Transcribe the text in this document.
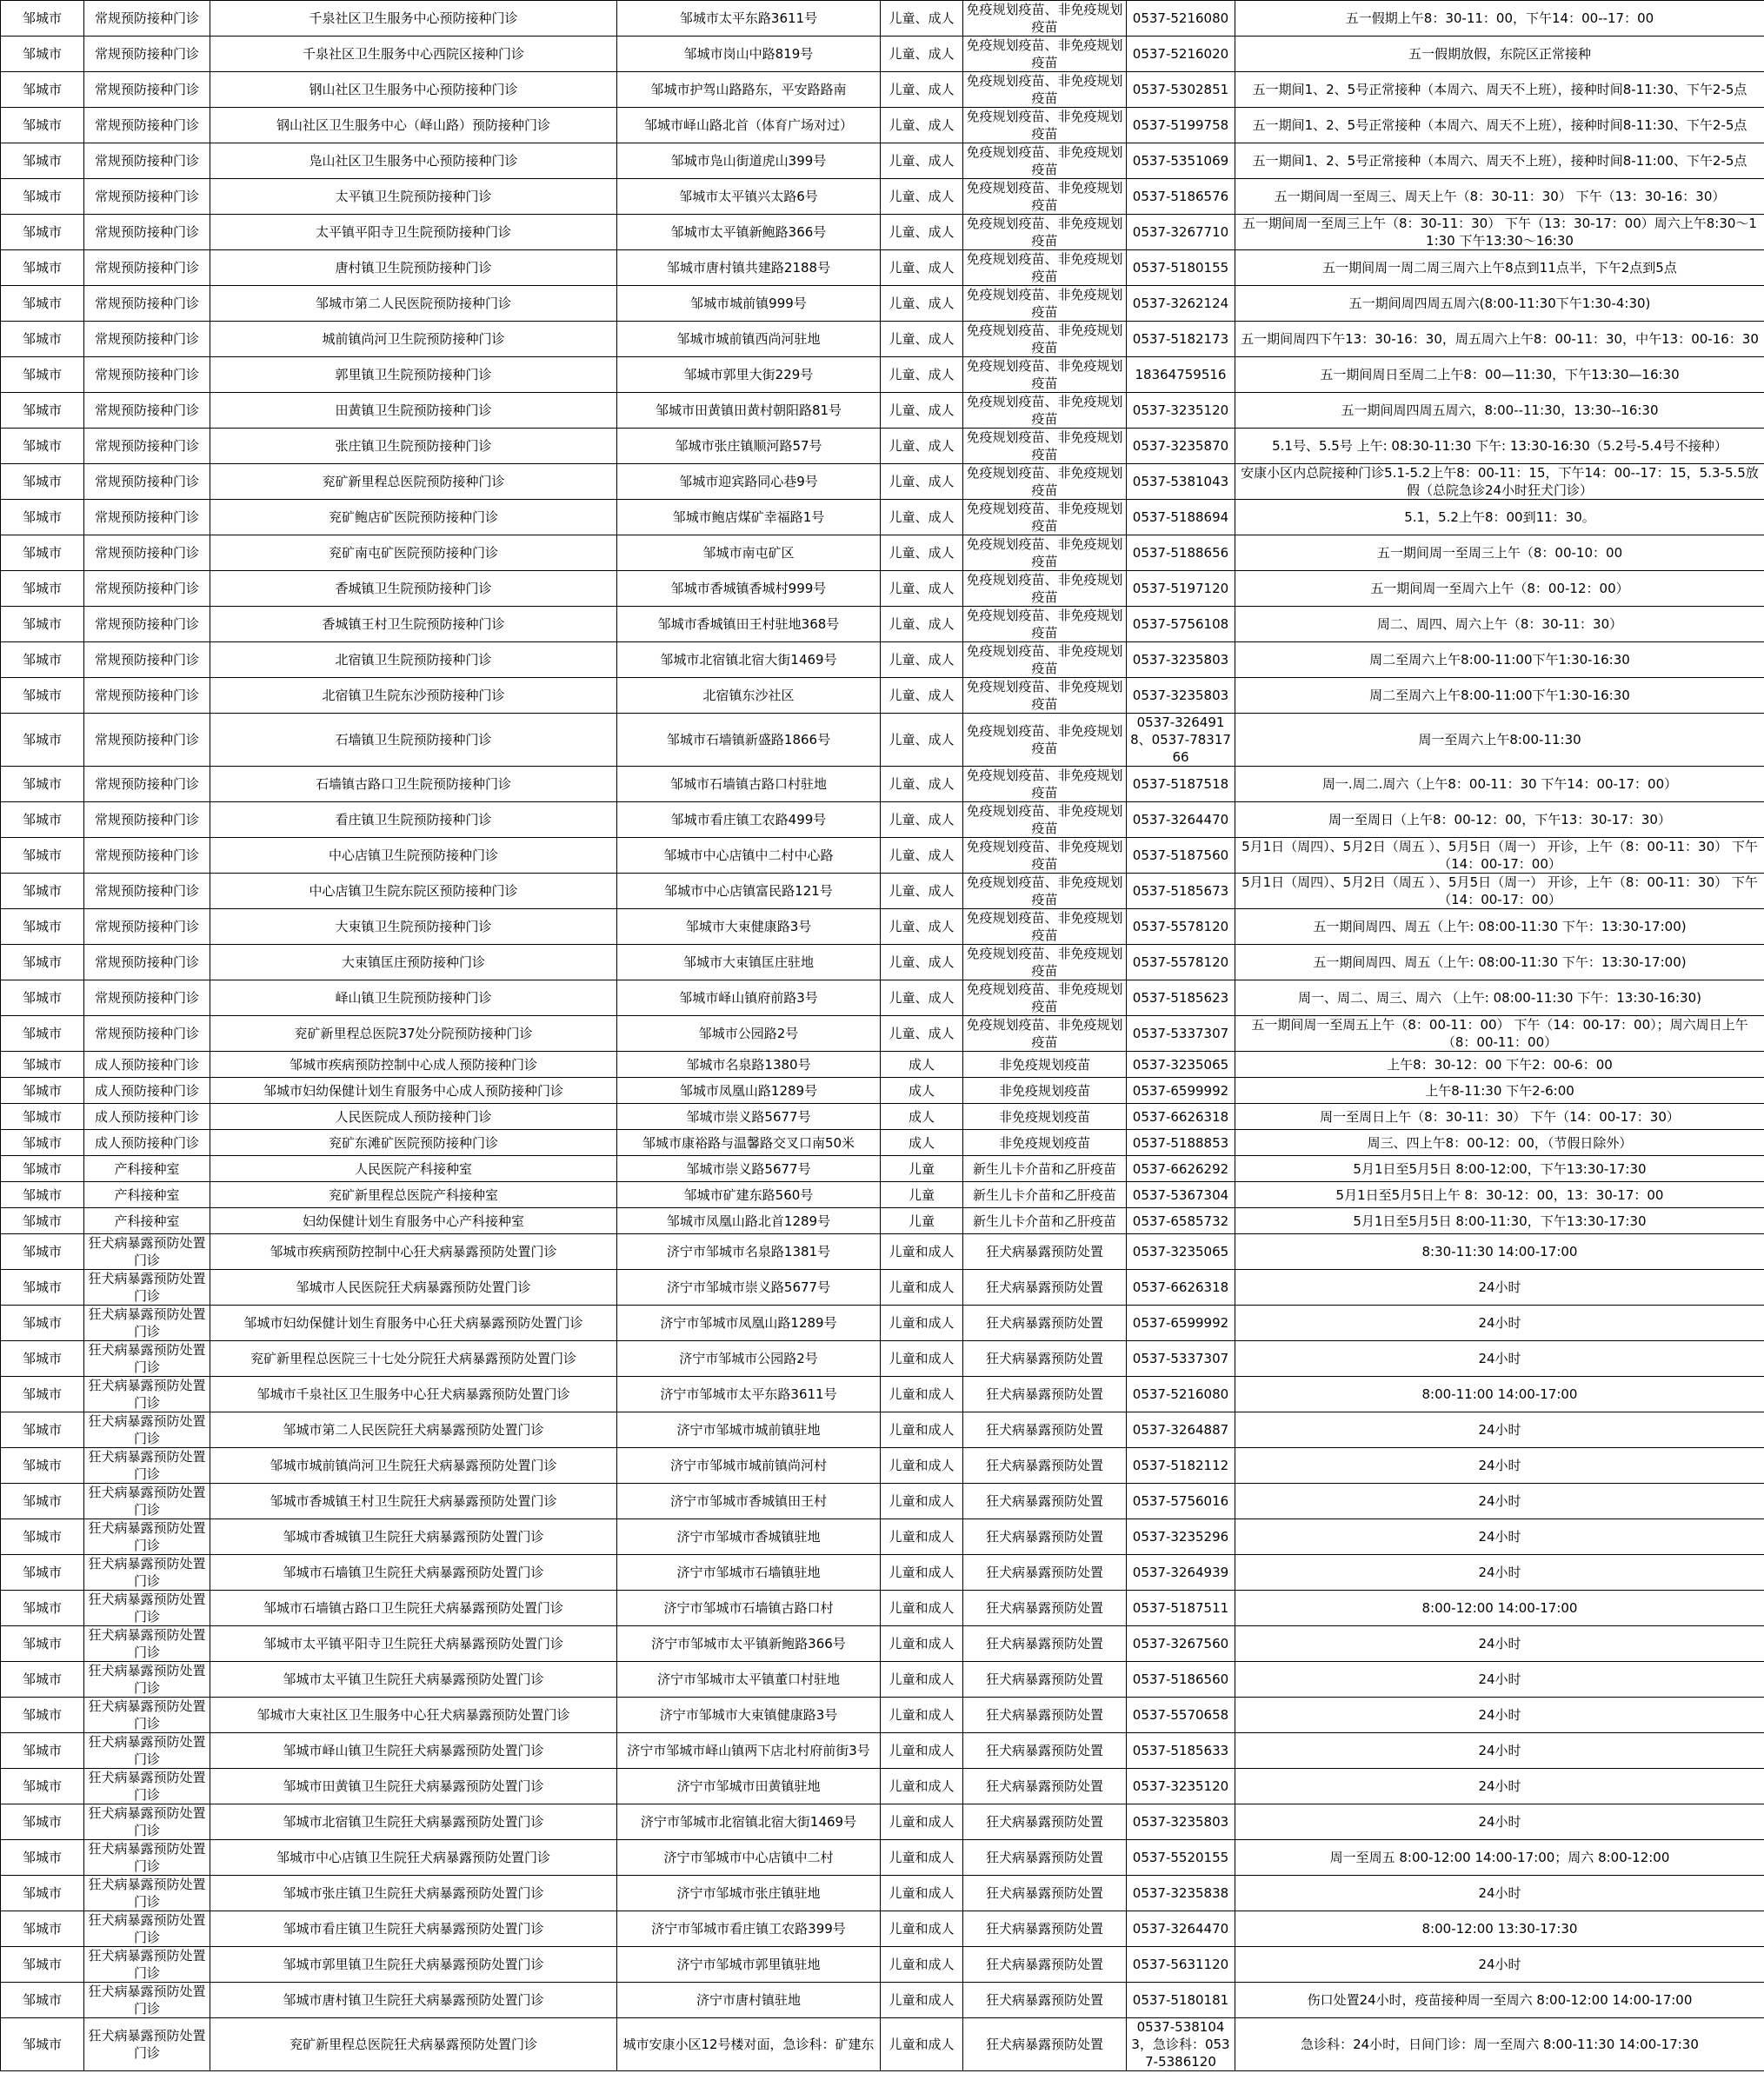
邹城市	常规预防接种门诊	千泉社区卫生服务中心预防接种门诊	邹城市太平东路3611号	儿童、成人	免疫规划疫苗、非免疫规划疫苗	0537-5216080	五一假期上午8：30-11：00，下午14：00--17：00
邹城市	常规预防接种门诊	千泉社区卫生服务中心西院区接种门诊	邹城市岗山中路819号	儿童、成人	免疫规划疫苗、非免疫规划疫苗	0537-5216020	五一假期放假，东院区正常接种
邹城市	常规预防接种门诊	钢山社区卫生服务中心预防接种门诊	邹城市护驾山路路东，平安路路南	儿童、成人	免疫规划疫苗、非免疫规划疫苗	0537-5302851	五一期间1、2、5号正常接种（本周六、周天不上班），接种时间8-11:30、下午2-5点
邹城市	常规预防接种门诊	钢山社区卫生服务中心（峄山路）预防接种门诊	邹城市峄山路北首（体育广场对过）	儿童、成人	免疫规划疫苗、非免疫规划疫苗	0537-5199758	五一期间1、2、5号正常接种（本周六、周天不上班），接种时间8-11:30、下午2-5点
邹城市	常规预防接种门诊	凫山社区卫生服务中心预防接种门诊	邹城市凫山街道虎山399号	儿童、成人	免疫规划疫苗、非免疫规划疫苗	0537-5351069	五一期间1、2、5号正常接种（本周六、周天不上班），接种时间8-11:00、下午2-5点
邹城市	常规预防接种门诊	太平镇卫生院预防接种门诊	邹城市太平镇兴太路6号	儿童、成人	免疫规划疫苗、非免疫规划疫苗	0537-5186576	五一期间周一至周三、周天上午（8：30-11：30） 下午（13：30-16：30）
邹城市	常规预防接种门诊	太平镇平阳寺卫生院预防接种门诊	邹城市太平镇新鲍路366号	儿童、成人	免疫规划疫苗、非免疫规划疫苗	0537-3267710	五一期间周一至周三上午（8：30-11：30） 下午（13：30-17：00）周六上午8:30～11:30 下午13:30～16:30
邹城市	常规预防接种门诊	唐村镇卫生院预防接种门诊	邹城市唐村镇共建路2188号	儿童、成人	免疫规划疫苗、非免疫规划疫苗	0537-5180155	五一期间周一周二周三周六上午8点到11点半，下午2点到5点
邹城市	常规预防接种门诊	邹城市第二人民医院预防接种门诊	邹城市城前镇999号	儿童、成人	免疫规划疫苗、非免疫规划疫苗	0537-3262124	五一期间周四周五周六(8:00-11:30下午1:30-4:30)
邹城市	常规预防接种门诊	城前镇尚河卫生院预防接种门诊	邹城市城前镇西尚河驻地	儿童、成人	免疫规划疫苗、非免疫规划疫苗	0537-5182173	五一期间周四下午13：30-16：30，周五周六上午8：00-11：30，中午13：00-16：30
邹城市	常规预防接种门诊	郭里镇卫生院预防接种门诊	邹城市郭里大街229号	儿童、成人	免疫规划疫苗、非免疫规划疫苗	18364759516	五一期间周日至周二上午8：00—11:30，下午13:30—16:30
邹城市	常规预防接种门诊	田黄镇卫生院预防接种门诊	邹城市田黄镇田黄村朝阳路81号	儿童、成人	免疫规划疫苗、非免疫规划疫苗	0537-3235120	五一期间周四周五周六，8:00--11:30，13:30--16:30
邹城市	常规预防接种门诊	张庄镇卫生院预防接种门诊	邹城市张庄镇顺河路57号	儿童、成人	免疫规划疫苗、非免疫规划疫苗	0537-3235870	5.1号、5.5号 上午: 08:30-11:30 下午: 13:30-16:30（5.2号-5.4号不接种）
邹城市	常规预防接种门诊	兖矿新里程总医院预防接种门诊	邹城市迎宾路同心巷9号	儿童、成人	免疫规划疫苗、非免疫规划疫苗	0537-5381043	安康小区内总院接种门诊5.1-5.2上午8：00-11：15，下午14：00--17：15，5.3-5.5放假（总院急诊24小时狂犬门诊）
邹城市	常规预防接种门诊	兖矿鲍店矿医院预防接种门诊	邹城市鲍店煤矿幸福路1号	儿童、成人	免疫规划疫苗、非免疫规划疫苗	0537-5188694	5.1，5.2上午8：00到11：30。
邹城市	常规预防接种门诊	兖矿南屯矿医院预防接种门诊	邹城市南屯矿区	儿童、成人	免疫规划疫苗、非免疫规划疫苗	0537-5188656	五一期间周一至周三上午（8：00-10：00
邹城市	常规预防接种门诊	香城镇卫生院预防接种门诊	邹城市香城镇香城村999号	儿童、成人	免疫规划疫苗、非免疫规划疫苗	0537-5197120	五一期间周一至周六上午（8：00-12：00）
邹城市	常规预防接种门诊	香城镇王村卫生院预防接种门诊	邹城市香城镇田王村驻地368号	儿童、成人	免疫规划疫苗、非免疫规划疫苗	0537-5756108	周二、周四、周六上午（8：30-11：30）
邹城市	常规预防接种门诊	北宿镇卫生院预防接种门诊	邹城市北宿镇北宿大街1469号	儿童、成人	免疫规划疫苗、非免疫规划疫苗	0537-3235803	周二至周六上午8:00-11:00下午1:30-16:30
邹城市	常规预防接种门诊	北宿镇卫生院东沙预防接种门诊	北宿镇东沙社区	儿童、成人	免疫规划疫苗、非免疫规划疫苗	0537-3235803	周二至周六上午8:00-11:00下午1:30-16:30
邹城市	常规预防接种门诊	石墙镇卫生院预防接种门诊	邹城市石墙镇新盛路1866号	儿童、成人	免疫规划疫苗、非免疫规划疫苗	0537-3264918、0537-7831766	周一至周六上午8:00-11:30
邹城市	常规预防接种门诊	石墙镇古路口卫生院预防接种门诊	邹城市石墙镇古路口村驻地	儿童、成人	免疫规划疫苗、非免疫规划疫苗	0537-5187518	周一.周二.周六（上午8：00-11：30 下午14：00-17：00）
邹城市	常规预防接种门诊	看庄镇卫生院预防接种门诊	邹城市看庄镇工农路499号	儿童、成人	免疫规划疫苗、非免疫规划疫苗	0537-3264470	周一至周日（上午8：00-12：00，下午13：30-17：30）
邹城市	常规预防接种门诊	中心店镇卫生院预防接种门诊	邹城市中心店镇中二村中心路	儿童、成人	免疫规划疫苗、非免疫规划疫苗	0537-5187560	5月1日（周四）、5月2日（周五 ）、5月5日（周一） 开诊，上午（8：00-11：30） 下午（14：00-17：00）
邹城市	常规预防接种门诊	中心店镇卫生院东院区预防接种门诊	邹城市中心店镇富民路121号	儿童、成人	免疫规划疫苗、非免疫规划疫苗	0537-5185673	5月1日（周四）、5月2日（周五 ）、5月5日（周一） 开诊，上午（8：00-11：30） 下午（14：00-17：00）
邹城市	常规预防接种门诊	大束镇卫生院预防接种门诊	邹城市大束健康路3号	儿童、成人	免疫规划疫苗、非免疫规划疫苗	0537-5578120	五一期间周四、周五（上午: 08:00-11:30 下午：13:30-17:00)
邹城市	常规预防接种门诊	大束镇匡庄预防接种门诊	邹城市大束镇匡庄驻地	儿童、成人	免疫规划疫苗、非免疫规划疫苗	0537-5578120	五一期间周四、周五（上午: 08:00-11:30 下午：13:30-17:00)
邹城市	常规预防接种门诊	峄山镇卫生院预防接种门诊	邹城市峄山镇府前路3号	儿童、成人	免疫规划疫苗、非免疫规划疫苗	0537-5185623	周一、周二、周三、周六 （上午: 08:00-11:30 下午：13:30-16:30)
邹城市	常规预防接种门诊	兖矿新里程总医院37处分院预防接种门诊	邹城市公园路2号	儿童、成人	免疫规划疫苗、非免疫规划疫苗	0537-5337307	五一期间周一至周五上午（8：00-11：00） 下午（14：00-17：00）；周六周日上午（8：00-11：00）
邹城市	成人预防接种门诊	邹城市疾病预防控制中心成人预防接种门诊	邹城市名泉路1380号	成人	非免疫规划疫苗	0537-3235065	上午8：30-12：00 下午2：00-6：00
邹城市	成人预防接种门诊	邹城市妇幼保健计划生育服务中心成人预防接种门诊	邹城市凤凰山路1289号	成人	非免疫规划疫苗	0537-6599992	上午8-11:30 下午2-6:00
邹城市	成人预防接种门诊	人民医院成人预防接种门诊	邹城市崇义路5677号	成人	非免疫规划疫苗	0537-6626318	周一至周日上午（8：30-11：30） 下午（14：00-17：30）
邹城市	成人预防接种门诊	兖矿东滩矿医院预防接种门诊	邹城市康裕路与温馨路交叉口南50米	成人	非免疫规划疫苗	0537-5188853	周三、四上午8：00-12：00，（节假日除外）
邹城市	产科接种室	人民医院产科接种室	邹城市崇义路5677号	儿童	新生儿卡介苗和乙肝疫苗	0537-6626292	5月1日至5月5日 8:00-12:00，下午13:30-17:30
邹城市	产科接种室	兖矿新里程总医院产科接种室	邹城市矿建东路560号	儿童	新生儿卡介苗和乙肝疫苗	0537-5367304	5月1日至5月5日上午 8：30-12：00，13：30-17：00
邹城市	产科接种室	妇幼保健计划生育服务中心产科接种室	邹城市凤凰山路北首1289号	儿童	新生儿卡介苗和乙肝疫苗	0537-6585732	5月1日至5月5日 8:00-11:30，下午13:30-17:30
邹城市	狂犬病暴露预防处置门诊	邹城市疾病预防控制中心狂犬病暴露预防处置门诊	济宁市邹城市名泉路1381号	儿童和成人	狂犬病暴露预防处置	0537-3235065	8:30-11:30 14:00-17:00
邹城市	狂犬病暴露预防处置门诊	邹城市人民医院狂犬病暴露预防处置门诊	济宁市邹城市崇义路5677号	儿童和成人	狂犬病暴露预防处置	0537-6626318	24小时
邹城市	狂犬病暴露预防处置门诊	邹城市妇幼保健计划生育服务中心狂犬病暴露预防处置门诊	济宁市邹城市凤凰山路1289号	儿童和成人	狂犬病暴露预防处置	0537-6599992	24小时
邹城市	狂犬病暴露预防处置门诊	兖矿新里程总医院三十七处分院狂犬病暴露预防处置门诊	济宁市邹城市公园路2号	儿童和成人	狂犬病暴露预防处置	0537-5337307	24小时
邹城市	狂犬病暴露预防处置门诊	邹城市千泉社区卫生服务中心狂犬病暴露预防处置门诊	济宁市邹城市太平东路3611号	儿童和成人	狂犬病暴露预防处置	0537-5216080	8:00-11:00 14:00-17:00
邹城市	狂犬病暴露预防处置门诊	邹城市第二人民医院狂犬病暴露预防处置门诊	济宁市邹城市城前镇驻地	儿童和成人	狂犬病暴露预防处置	0537-3264887	24小时
邹城市	狂犬病暴露预防处置门诊	邹城市城前镇尚河卫生院狂犬病暴露预防处置门诊	济宁市邹城市城前镇尚河村	儿童和成人	狂犬病暴露预防处置	0537-5182112	24小时
邹城市	狂犬病暴露预防处置门诊	邹城市香城镇王村卫生院狂犬病暴露预防处置门诊	济宁市邹城市香城镇田王村	儿童和成人	狂犬病暴露预防处置	0537-5756016	24小时
邹城市	狂犬病暴露预防处置门诊	邹城市香城镇卫生院狂犬病暴露预防处置门诊	济宁市邹城市香城镇驻地	儿童和成人	狂犬病暴露预防处置	0537-3235296	24小时
邹城市	狂犬病暴露预防处置门诊	邹城市石墙镇卫生院狂犬病暴露预防处置门诊	济宁市邹城市石墙镇驻地	儿童和成人	狂犬病暴露预防处置	0537-3264939	24小时
邹城市	狂犬病暴露预防处置门诊	邹城市石墙镇古路口卫生院狂犬病暴露预防处置门诊	济宁市邹城市石墙镇古路口村	儿童和成人	狂犬病暴露预防处置	0537-5187511	8:00-12:00 14:00-17:00
邹城市	狂犬病暴露预防处置门诊	邹城市太平镇平阳寺卫生院狂犬病暴露预防处置门诊	济宁市邹城市太平镇新鲍路366号	儿童和成人	狂犬病暴露预防处置	0537-3267560	24小时
邹城市	狂犬病暴露预防处置门诊	邹城市太平镇卫生院狂犬病暴露预防处置门诊	济宁市邹城市太平镇董口村驻地	儿童和成人	狂犬病暴露预防处置	0537-5186560	24小时
邹城市	狂犬病暴露预防处置门诊	邹城市大束社区卫生服务中心狂犬病暴露预防处置门诊	济宁市邹城市大束镇健康路3号	儿童和成人	狂犬病暴露预防处置	0537-5570658	24小时
邹城市	狂犬病暴露预防处置门诊	邹城市峄山镇卫生院狂犬病暴露预防处置门诊	济宁市邹城市峄山镇两下店北村府前街3号	儿童和成人	狂犬病暴露预防处置	0537-5185633	24小时
邹城市	狂犬病暴露预防处置门诊	邹城市田黄镇卫生院狂犬病暴露预防处置门诊	济宁市邹城市田黄镇驻地	儿童和成人	狂犬病暴露预防处置	0537-3235120	24小时
邹城市	狂犬病暴露预防处置门诊	邹城市北宿镇卫生院狂犬病暴露预防处置门诊	济宁市邹城市北宿镇北宿大街1469号	儿童和成人	狂犬病暴露预防处置	0537-3235803	24小时
邹城市	狂犬病暴露预防处置门诊	邹城市中心店镇卫生院狂犬病暴露预防处置门诊	济宁市邹城市中心店镇中二村	儿童和成人	狂犬病暴露预防处置	0537-5520155	周一至周五 8:00-12:00 14:00-17:00；周六 8:00-12:00
邹城市	狂犬病暴露预防处置门诊	邹城市张庄镇卫生院狂犬病暴露预防处置门诊	济宁市邹城市张庄镇驻地	儿童和成人	狂犬病暴露预防处置	0537-3235838	24小时
邹城市	狂犬病暴露预防处置门诊	邹城市看庄镇卫生院狂犬病暴露预防处置门诊	济宁市邹城市看庄镇工农路399号	儿童和成人	狂犬病暴露预防处置	0537-3264470	8:00-12:00 13:30-17:30
邹城市	狂犬病暴露预防处置门诊	邹城市郭里镇卫生院狂犬病暴露预防处置门诊	济宁市邹城市郭里镇驻地	儿童和成人	狂犬病暴露预防处置	0537-5631120	24小时
邹城市	狂犬病暴露预防处置门诊	邹城市唐村镇卫生院狂犬病暴露预防处置门诊	济宁市唐村镇驻地	儿童和成人	狂犬病暴露预防处置	0537-5180181	伤口处置24小时，疫苗接种周一至周六 8:00-12:00 14:00-17:00
邹城市	狂犬病暴露预防处置门诊	兖矿新里程总医院狂犬病暴露预防处置门诊	城市安康小区12号楼对面，急诊科：矿建东	儿童和成人	狂犬病暴露预防处置	0537-5381043，急诊科：0537-5386120	急诊科：24小时，日间门诊：周一至周六 8:00-11:30 14:00-17:30
